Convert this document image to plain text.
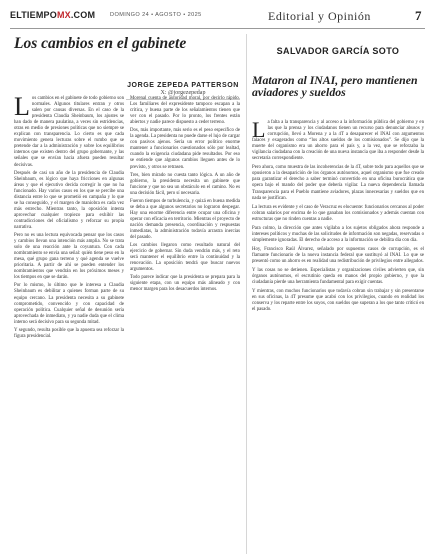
ELTIEMPOMX.COM	DOMINGO 24 • AGOSTO • 2025	Editorial y Opinión	7
Los cambios en el gabinete
JORGE ZEPEDA PATTERSON
X: @jorgezepedap

Los cambios en el gabinete de todo gobierno son normales. Algunos titulares entran y otros salen por causas diversas. En el caso de la presidenta Claudia Sheinbaum, los ajustes se han dado de manera paulatina, a veces sin estridencias, otras en medio de presiones políticas que no siempre se explican con transparencia. Lo cierto es que cada movimiento genera lecturas sobre el rumbo que se pretende dar a la administración y sobre los equilibrios internos que existen dentro del grupo gobernante, y las señales que se envían hacia afuera pueden resultar decisivas.

Después de casi un año de la presidencia de Claudia Sheinbaum, es lógico que haya fricciones en algunas áreas y que el ejecutivo decida corregir lo que no ha funcionado. Hay varios casos en los que se percibe una distancia entre lo que se prometió en campaña y lo que se ha conseguido, y el margen de maniobra es cada vez más estrecho. Mientras tanto, la oposición intenta aprovechar cualquier tropiezo para exhibir las contradicciones del oficialismo y reforzar su propia narrativa.

Pero no es una lectura equivocada pensar que los casos y cambios llevan una intención más amplia. No se trata solo de una reacción ante la coyuntura. Con cada nombramiento se envía una señal: quién tiene peso en la mesa, qué grupo gana terreno y qué agenda se vuelve prioritaria. A partir de ahí se pueden entender los nombramientos que vendrán en los próximos meses y los tiempos en que se darán.

Por lo mismo, lo último que le interesa a Claudia Sheinbaum es debilitar a quienes forman parte de su equipo cercano. La presidenta necesita a su gabinete comprometido, convencido y con capacidad de operación política. Cualquier señal de desunión sería aprovechada de inmediato, y ya nadie duda que el clima interno será decisivo para su segunda mitad.

Y segundo, resulta posible que la apuesta sea reforzar la figura presidencial.

Morenal cuenta de autoridad moral, por decirlo rápido. Los familiares del expresidente tampoco escapan a la crítica, y buena parte de los señalamientos tienen que ver con el pasado. Por lo pronto, los frentes están abiertos y nadie parece dispuesto a ceder terreno.

Dos, más importante, más serio es el peso específico de la agenda. La presidenta no puede darse el lujo de cargar con pasivos ajenos. Sería un error político enorme mantener a funcionarios cuestionados sólo por lealtad, cuando la exigencia ciudadana pide resultados. Por eso se entiende que algunos cambios lleguen antes de lo previsto, y otros se retrasen.

Tres, bien mirado no cuesta tanto lógica. A un año de gobierno, la presidenta necesita un gabinete que funcione y que no sea un obstáculo en el camino. No es una decisión fácil, pero sí necesaria.

Fueron tiempos de turbulencia, y quizá en buena medida se deba a que algunos secretarios no lograron despegar. Hay una enorme diferencia entre ocupar una oficina y operar con eficacia en territorio. Mientras el proyecto de nación demanda presencia, coordinación y respuestas inmediatas, la administración todavía arrastra inercias del pasado.

Los cambios llegaron como resultado natural del ejercicio de gobernar. Sin duda vendrán más, y el reto será mantener el equilibrio entre la continuidad y la renovación. La oposición tendrá que buscar nuevos argumentos.

Todo parece indicar que la presidenta se prepara para la siguiente etapa, con un equipo más alineado y con menor margen para los desacuerdos internos.

SALVADOR GARCÍA SOTO
Mataron al INAI, pero mantienen aviadores y sueldos

La falta a la transparencia y al acceso a la información pública del gobierno y en las que la prensa y los ciudadanos tienen un recurso para denunciar abusos y corrupción, llevó a Morena y a la 4T a desaparecer el INAI con argumentos falaces y exagerados como “los altos sueldos de los comisionados”. Se dijo que la muerte del organismo era un ahorro para el país y, a la vez, que se reforzaba la vigilancia ciudadana con la creación de una nueva instancia que iba a responder desde la secretaría correspondiente.

Pero ahora, como muestra de las incoherencias de la 4T, sobre todo para aquellos que se opusieron a la desaparición de los órganos autónomos, aquel organismo que fue creado para garantizar el derecho a saber terminó convertido en una oficina burocrática que opera bajo el mando del poder que debería vigilar. La nueva dependencia llamada Transparencia para el Pueblo mantiene aviadores, plazas innecesarias y sueldos que en nada se justifican.

La lectura es evidente y el caso de Veracruz es elocuente: funcionarios cercanos al poder cobran salarios por encima de lo que ganaban los comisionados y además cuentan con estructuras que no rinden cuentas a nadie.

Para colmo, la dirección que antes vigilaba a los sujetos obligados ahora responde a intereses políticos y muchas de las solicitudes de información son negadas, reservadas o simplemente ignoradas. El derecho de acceso a la información se debilita día con día.

Hoy, Francisco Raúl Álvarez, señalado por supuestos casos de corrupción, es el flamante funcionario de la nueva instancia federal que sustituyó al INAI. Lo que se presentó como un ahorro es en realidad una redistribución de privilegios entre allegados.

Y las cosas no se detienen. Especialistas y organizaciones civiles advierten que, sin órganos autónomos, el escrutinio queda en manos del propio gobierno, y que la ciudadanía pierde una herramienta fundamental para exigir cuentas.

Y mientras, con muchos funcionarios que todavía cobran sin trabajar y sin presentarse en sus oficinas, la 4T presume que acabó con los privilegios, cuando en realidad los conserva y los reparte entre los suyos, con sueldos que superan a los que tanto criticó en el pasado.
